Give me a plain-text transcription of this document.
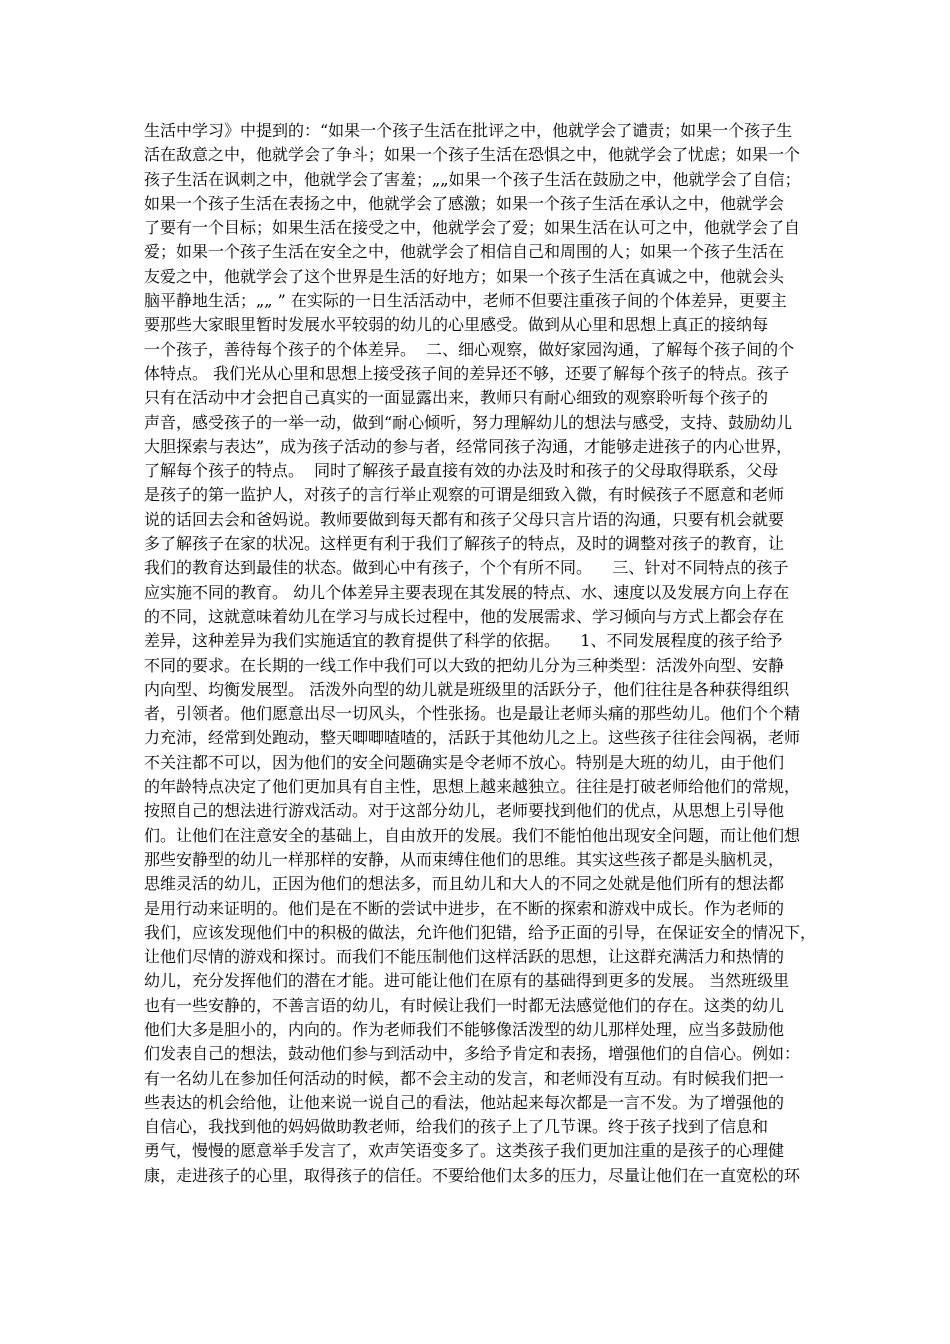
生活中学习》中提到的：“如果一个孩子生活在批评之中，他就学会了谴责；如果一个孩子生
活在敌意之中，他就学会了争斗；如果一个孩子生活在恐惧之中，他就学会了忧虑；如果一个
孩子生活在讽刺之中，他就学会了害羞；„„如果一个孩子生活在鼓励之中，他就学会了自信；
如果一个孩子生活在表扬之中，他就学会了感激；如果一个孩子生活在承认之中，他就学会
了要有一个目标；如果生活在接受之中，他就学会了爱；如果生活在认可之中，他就学会了自
爱；如果一个孩子生活在安全之中，他就学会了相信自己和周围的人；如果一个孩子生活在
友爱之中，他就学会了这个世界是生活的好地方；如果一个孩子生活在真诚之中，他就会头
脑平静地生活；„„ ” 在实际的一日生活活动中，老师不但要注重孩子间的个体差异，更要主
要那些大家眼里暂时发展水平较弱的幼儿的心里感受。做到从心里和思想上真正的接纳每
一个孩子，善待每个孩子的个体差异。  二、细心观察，做好家园沟通，了解每个孩子间的个
体特点。 我们光从心里和思想上接受孩子间的差异还不够，还要了解每个孩子的特点。孩子
只有在活动中才会把自己真实的一面显露出来，教师只有耐心细致的观察聆听每个孩子的
声音，感受孩子的一举一动，做到“耐心倾听，努力理解幼儿的想法与感受，支持、鼓励幼儿
大胆探索与表达”，成为孩子活动的参与者，经常同孩子沟通，才能够走进孩子的内心世界，
了解每个孩子的特点。  同时了解孩子最直接有效的办法及时和孩子的父母取得联系，父母
是孩子的第一监护人，对孩子的言行举止观察的可谓是细致入微，有时候孩子不愿意和老师
说的话回去会和爸妈说。教师要做到每天都有和孩子父母只言片语的沟通，只要有机会就要
多了解孩子在家的状况。这样更有利于我们了解孩子的特点，及时的调整对孩子的教育，让
我们的教育达到最佳的状态。做到心中有孩子，个个有所不同。    三、针对不同特点的孩子
应实施不同的教育。 幼儿个体差异主要表现在其发展的特点、水、速度以及发展方向上存在
的不同，这就意味着幼儿在学习与成长过程中，他的发展需求、学习倾向与方式上都会存在
差异，这种差异为我们实施适宜的教育提供了科学的依据。    1、不同发展程度的孩子给予
不同的要求。在长期的一线工作中我们可以大致的把幼儿分为三种类型：活泼外向型、安静
内向型、均衡发展型。 活泼外向型的幼儿就是班级里的活跃分子，他们往往是各种获得组织
者，引领者。他们愿意出尽一切风头，个性张扬。也是最让老师头痛的那些幼儿。他们个个精
力充沛，经常到处跑动，整天唧唧喳喳的，活跃于其他幼儿之上。这些孩子往往会闯祸，老师
不关注都不可以，因为他们的安全问题确实是令老师不放心。特别是大班的幼儿，由于他们
的年龄特点决定了他们更加具有自主性，思想上越来越独立。往往是打破老师给他们的常规，
按照自己的想法进行游戏活动。对于这部分幼儿，老师要找到他们的优点，从思想上引导他
们。让他们在注意安全的基础上，自由放开的发展。我们不能怕他出现安全问题，而让他们想
那些安静型的幼儿一样那样的安静，从而束缚住他们的思维。其实这些孩子都是头脑机灵，
思维灵活的幼儿，正因为他们的想法多，而且幼儿和大人的不同之处就是他们所有的想法都
是用行动来证明的。他们是在不断的尝试中进步，在不断的探索和游戏中成长。作为老师的
我们，应该发现他们中的积极的做法，允许他们犯错，给予正面的引导，在保证安全的情况下，
让他们尽情的游戏和探讨。而我们不能压制他们这样活跃的思想，让这群充满活力和热情的
幼儿，充分发挥他们的潜在才能。进可能让他们在原有的基础得到更多的发展。 当然班级里
也有一些安静的，不善言语的幼儿，有时候让我们一时都无法感觉他们的存在。这类的幼儿
他们大多是胆小的，内向的。作为老师我们不能够像活泼型的幼儿那样处理，应当多鼓励他
们发表自己的想法，鼓动他们参与到活动中，多给予肯定和表扬，增强他们的自信心。例如：
有一名幼儿在参加任何活动的时候，都不会主动的发言，和老师没有互动。有时候我们把一
些表达的机会给他，让他来说一说自己的看法，他站起来每次都是一言不发。为了增强他的
自信心，我找到他的妈妈做助教老师，给我们的孩子上了几节课。终于孩子找到了信息和
勇气，慢慢的愿意举手发言了，欢声笑语变多了。这类孩子我们更加注重的是孩子的心理健
康，走进孩子的心里，取得孩子的信任。不要给他们太多的压力，尽量让他们在一直宽松的环
